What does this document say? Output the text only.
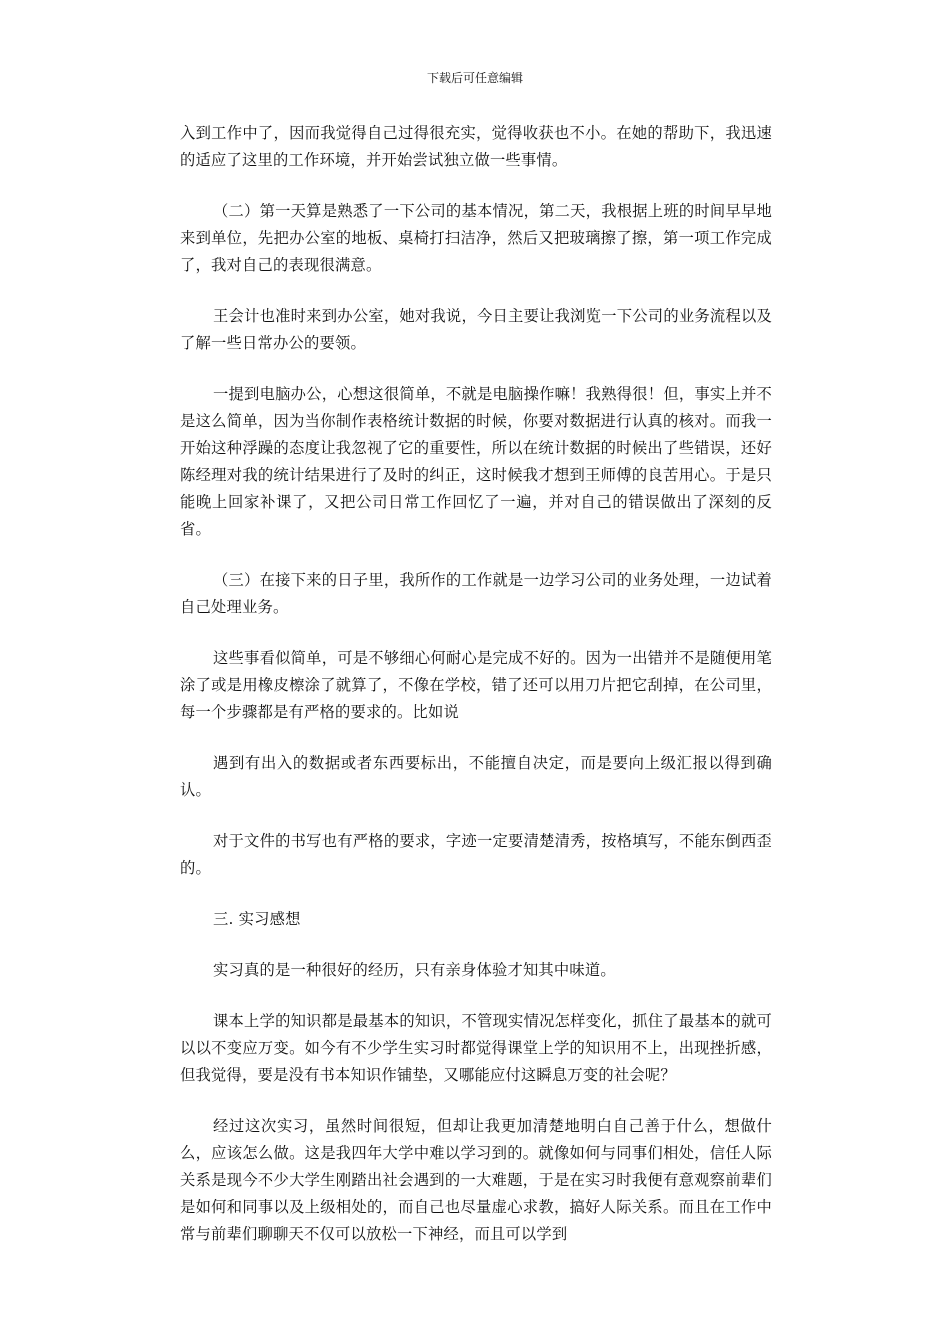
下载后可任意编辑

入到工作中了，因而我觉得自己过得很充实，觉得收获也不小。在她的帮助下，我迅速的适应了这里的工作环境，并开始尝试独立做一些事情。

（二）第一天算是熟悉了一下公司的基本情况，第二天，我根据上班的时间早早地来到单位，先把办公室的地板、桌椅打扫洁净，然后又把玻璃擦了擦，第一项工作完成了，我对自己的表现很满意。

王会计也准时来到办公室，她对我说，今日主要让我浏览一下公司的业务流程以及了解一些日常办公的要领。

一提到电脑办公，心想这很简单，不就是电脑操作嘛！我熟得很！但，事实上并不是这么简单，因为当你制作表格统计数据的时候，你要对数据进行认真的核对。而我一开始这种浮躁的态度让我忽视了它的重要性，所以在统计数据的时候出了些错误，还好陈经理对我的统计结果进行了及时的纠正，这时候我才想到王师傅的良苦用心。于是只能晚上回家补课了，又把公司日常工作回忆了一遍，并对自己的错误做出了深刻的反省。

（三）在接下来的日子里，我所作的工作就是一边学习公司的业务处理，一边试着自己处理业务。

这些事看似简单，可是不够细心何耐心是完成不好的。因为一出错并不是随便用笔涂了或是用橡皮檫涂了就算了，不像在学校，错了还可以用刀片把它刮掉，在公司里，每一个步骤都是有严格的要求的。比如说

遇到有出入的数据或者东西要标出，不能擅自决定，而是要向上级汇报以得到确认。

对于文件的书写也有严格的要求，字迹一定要清楚清秀，按格填写，不能东倒西歪的。

三. 实习感想

实习真的是一种很好的经历，只有亲身体验才知其中味道。

课本上学的知识都是最基本的知识，不管现实情况怎样变化，抓住了最基本的就可以以不变应万变。如今有不少学生实习时都觉得课堂上学的知识用不上，出现挫折感，但我觉得，要是没有书本知识作铺垫，又哪能应付这瞬息万变的社会呢？

经过这次实习，虽然时间很短，但却让我更加清楚地明白自己善于什么，想做什么，应该怎么做。这是我四年大学中难以学习到的。就像如何与同事们相处，信任人际关系是现今不少大学生刚踏出社会遇到的一大难题，于是在实习时我便有意观察前辈们是如何和同事以及上级相处的，而自己也尽量虚心求教，搞好人际关系。而且在工作中常与前辈们聊聊天不仅可以放松一下神经，而且可以学到
